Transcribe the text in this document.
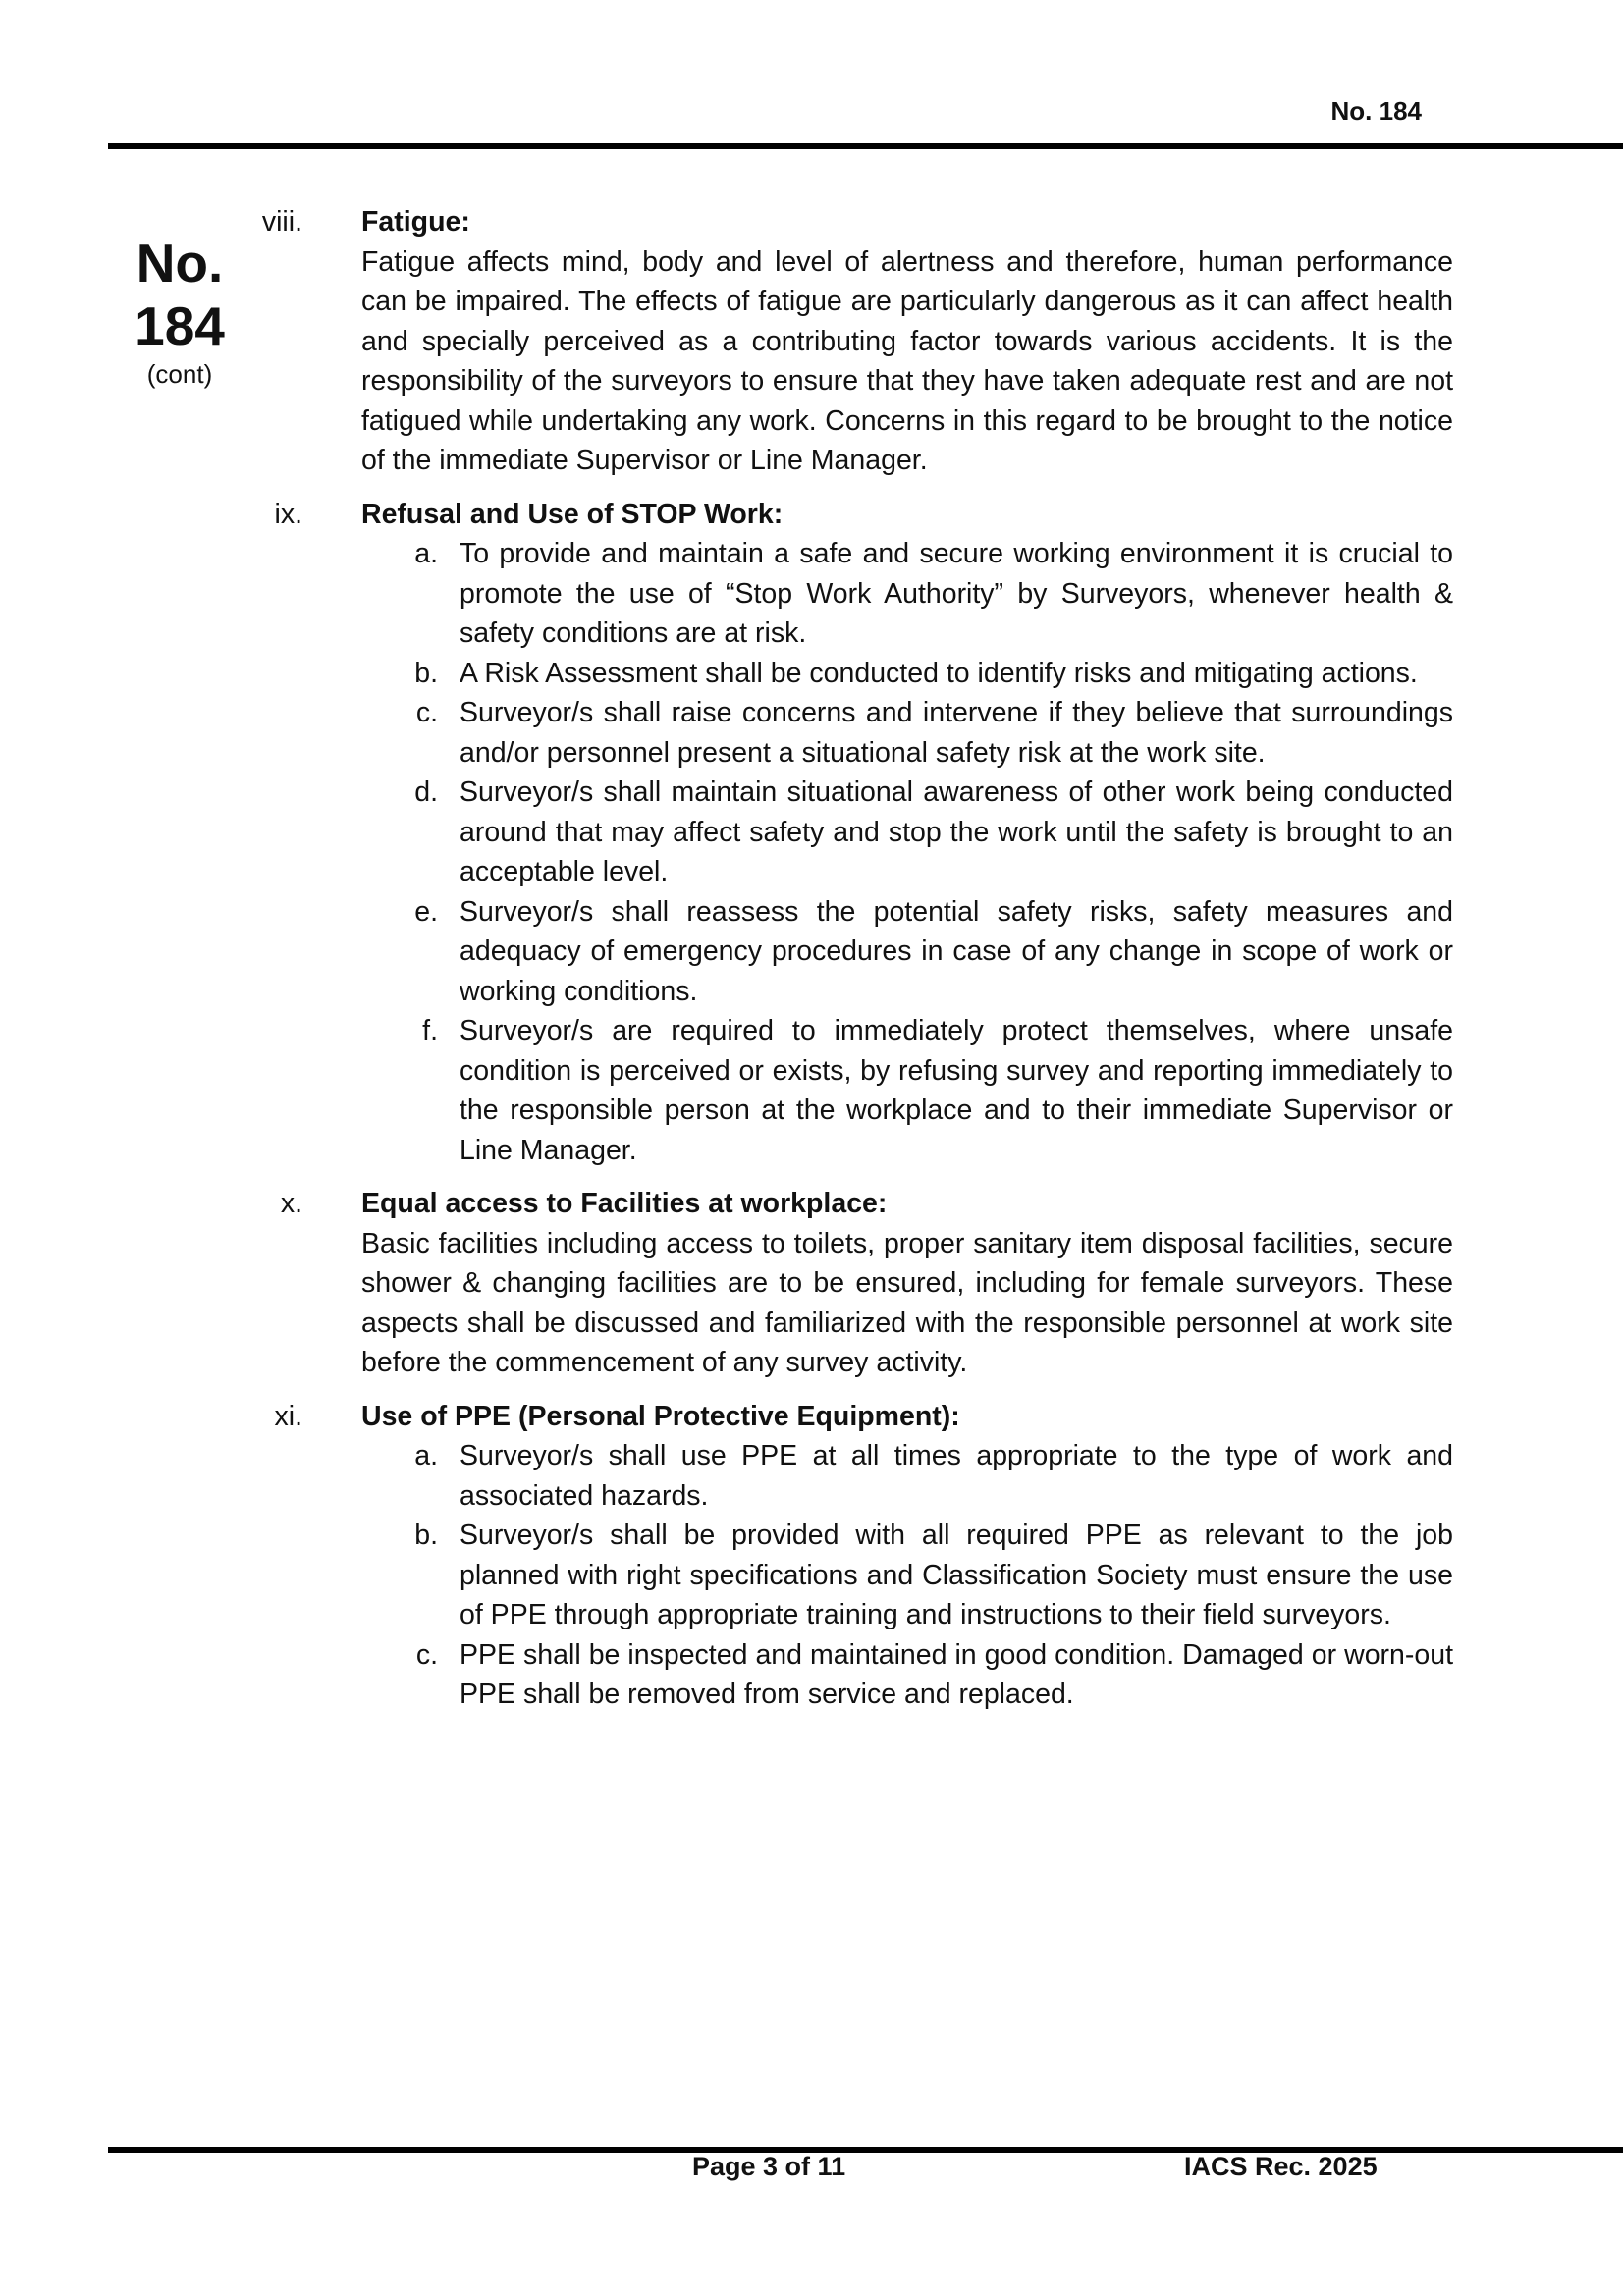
No. 184
No.
184
(cont)
viii.	Fatigue:
Fatigue affects mind, body and level of alertness and therefore, human performance can be impaired. The effects of fatigue are particularly dangerous as it can affect health and specially perceived as a contributing factor towards various accidents. It is the responsibility of the surveyors to ensure that they have taken adequate rest and are not fatigued while undertaking any work. Concerns in this regard to be brought to the notice of the immediate Supervisor or Line Manager.
ix.	Refusal and Use of STOP Work:
a. To provide and maintain a safe and secure working environment it is crucial to promote the use of “Stop Work Authority” by Surveyors, whenever health & safety conditions are at risk.
b. A Risk Assessment shall be conducted to identify risks and mitigating actions.
c. Surveyor/s shall raise concerns and intervene if they believe that surroundings and/or personnel present a situational safety risk at the work site.
d. Surveyor/s shall maintain situational awareness of other work being conducted around that may affect safety and stop the work until the safety is brought to an acceptable level.
e. Surveyor/s shall reassess the potential safety risks, safety measures and adequacy of emergency procedures in case of any change in scope of work or working conditions.
f. Surveyor/s are required to immediately protect themselves, where unsafe condition is perceived or exists, by refusing survey and reporting immediately to the responsible person at the workplace and to their immediate Supervisor or Line Manager.
x.	Equal access to Facilities at workplace:
Basic facilities including access to toilets, proper sanitary item disposal facilities, secure shower & changing facilities are to be ensured, including for female surveyors. These aspects shall be discussed and familiarized with the responsible personnel at work site before the commencement of any survey activity.
xi.	Use of PPE (Personal Protective Equipment):
a. Surveyor/s shall use PPE at all times appropriate to the type of work and associated hazards.
b. Surveyor/s shall be provided with all required PPE as relevant to the job planned with right specifications and Classification Society must ensure the use of PPE through appropriate training and instructions to their field surveyors.
c. PPE shall be inspected and maintained in good condition. Damaged or worn-out PPE shall be removed from service and replaced.
Page 3 of 11	IACS Rec. 2025
